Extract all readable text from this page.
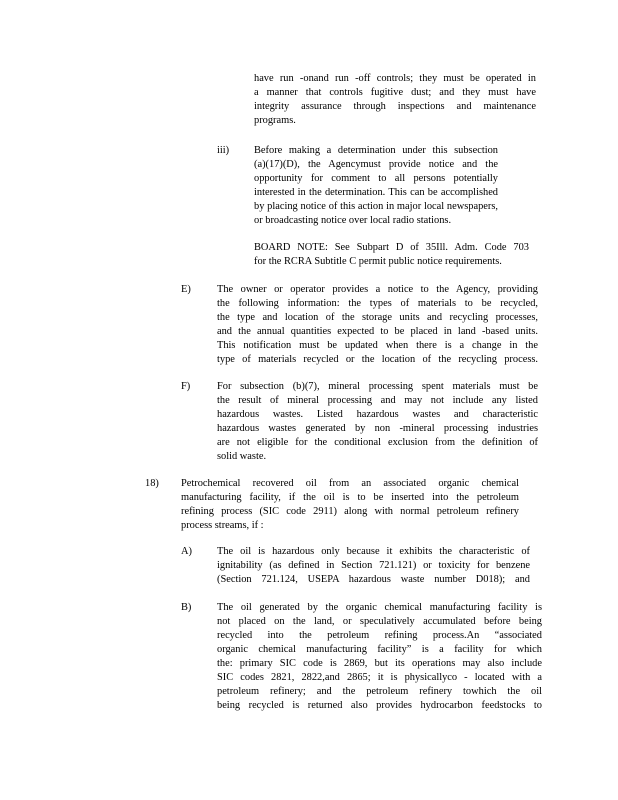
have run -onand run -off controls; they must be operated in
a manner that controls fugitive dust; and they must have
integrity assurance through inspections and maintenance
programs.
iii) Before making a determination under this subsection
(a)(17)(D), the Agencymust provide notice and the
opportunity for comment to all persons potentially
interested in the determination. This can be accomplished
by placing notice of this action in major local newspapers,
or broadcasting notice over local radio stations.
BOARD NOTE: See Subpart D of 35Ill. Adm. Code 703
for the RCRA Subtitle C permit public notice requirements.
E)	The owner or operator provides a notice to the Agency, providing
the following information: the types of materials to be recycled,
the type and location of the storage units and recycling processes,
and the annual quantities expected to be placed in land -based units.
This notification must be updated when there is a change in the
type of materials recycled or the location of the recycling process.
F)	For subsection (b)(7), mineral processing spent materials must be
the result of mineral processing and may not include any listed
hazardous wastes. Listed hazardous wastes and characteristic
hazardous wastes generated by non -mineral processing industries
are not eligible for the conditional exclusion from the definition of
solid waste.
18) Petrochemical recovered oil from an associated organic chemical
manufacturing facility, if the oil is to be inserted into the petroleum
refining process (SIC code 2911) along with normal petroleum refinery
process streams, if :
A) The oil is hazardous only because it exhibits the characteristic of
ignitability (as defined in Section 721.121) or toxicity for benzene
(Section 721.124, USEPA hazardous waste number D018); and
B) The oil generated by the organic chemical manufacturing facility is
not placed on the land, or speculatively accumulated before being
recycled into the petroleum refining process.An “associated
organic chemical manufacturing facility” is a facility for which
the: primary SIC code is 2869, but its operations may also include
SIC codes 2821, 2822,and 2865; it is physicallyco - located with a
petroleum refinery; and the petroleum refinery towhich the oil
being recycled is returned also provides hydrocarbon feedstocks to
